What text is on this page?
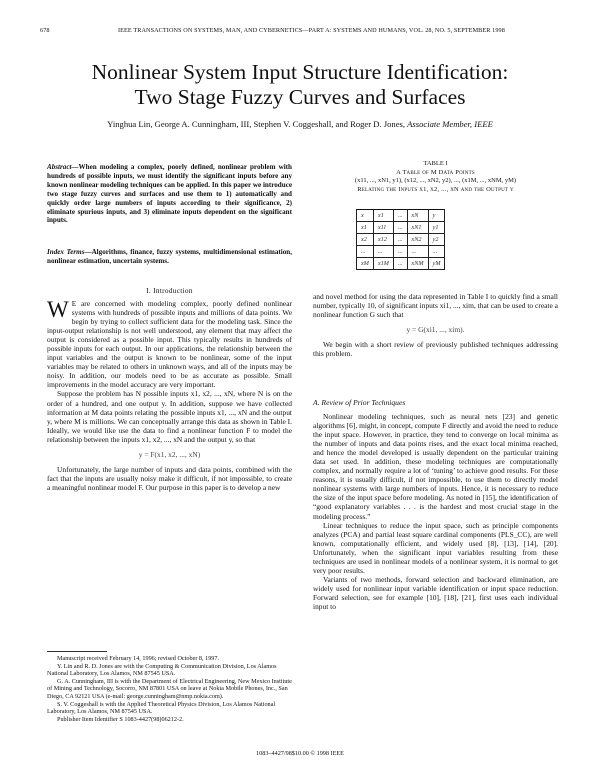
678	IEEE TRANSACTIONS ON SYSTEMS, MAN, AND CYBERNETICS—PART A: SYSTEMS AND HUMANS, VOL. 28, NO. 5, SEPTEMBER 1998
Nonlinear System Input Structure Identification:
Two Stage Fuzzy Curves and Surfaces
Yinghua Lin, George A. Cunningham, III, Stephen V. Coggeshall, and Roger D. Jones, Associate Member, IEEE
Abstract—When modeling a complex, poorly defined, nonlinear problem with hundreds of possible inputs, we must identify the significant inputs before any known nonlinear modeling techniques can be applied. In this paper we introduce two stage fuzzy curves and surfaces and use them to 1) automatically and quickly order large numbers of inputs according to their significance, 2) eliminate spurious inputs, and 3) eliminate inputs dependent on the significant inputs.
Index Terms—Algorithms, finance, fuzzy systems, multidimensional estimation, nonlinear estimation, uncertain systems.
I. Introduction

W E are concerned with modeling complex, poorly defined nonlinear systems with hundreds of possible inputs and millions of data points. We begin by trying to collect sufficient data for the modeling task. Since the input-output relationship is not well understood, any element that may affect the output is considered as a possible input. This typically results in hundreds of possible inputs for each output. In our applications, the relationship between the input variables and the output is known to be nonlinear, some of the input variables may be related to others in unknown ways, and all of the inputs may be noisy. In addition, our models need to be as accurate as possible. Small improvements in the model accuracy are very important.

Suppose the problem has N possible inputs x1, x2, ..., xN, where N is on the order of a hundred, and one output y. In addition, suppose we have collected information at M data points relating the possible inputs x1, ..., xN and the output y, where M is millions. We can conceptually arrange this data as shown in Table I. Ideally, we would like use the data to find a nonlinear function F to model the relationship between the inputs x1, x2, ..., xN and the output y, so that

y = F(x1, x2, ..., xN)

Unfortunately, the large number of inputs and data points, combined with the fact that the inputs are usually noisy make it difficult, if not impossible, to create a meaningful nonlinear model F. Our purpose in this paper is to develop a new

Manuscript received February 14, 1996; revised October 8, 1997.

Y. Lin and R. D. Jones are with the Computing & Communication Division, Los Alamos National Laboratory, Los Alamos, NM 87545 USA.

G. A. Cunningham, III is with the Department of Electrical Engineering, New Mexico Institute of Mining and Technology, Socorro, NM 87801 USA on leave at Nokia Mobile Phones, Inc., San Diego, CA 92121 USA (e-mail: george.cunningham@nmp.nokia.com).

S. V. Coggeshall is with the Applied Theoretical Physics Division, Los Alamos National Laboratory, Los Alamos, NM 87545 USA.

Publisher Item Identifier S 1083-4427(98)06212-2.

TABLE I
A Table of M Data Points
(x11, ..., xN1, y1), (x12, ..., xN2, y2), ..., (x1M, ..., xNM, yM)
Relating the Inputs x1, x2, ..., xN and the Output y
x	x1	...	xN	y
x1	x11	...	xN1	y1
x2	x12	...	xN2	y2
...	...	...	...	...
xM	x1M	...	xNM	yM

and novel method for using the data represented in Table I to quickly find a small number, typically 10, of significant inputs xi1, ..., xim, that can be used to create a nonlinear function G such that

y = G(xi1, ..., xim).

We begin with a short review of previously published techniques addressing this problem.

A. Review of Prior Techniques

Nonlinear modeling techniques, such as neural nets [23] and genetic algorithms [6], might, in concept, compute F directly and avoid the need to reduce the input space. However, in practice, they tend to converge on local minima as the number of inputs and data points rises, and the exact local minima reached, and hence the model developed is usually dependent on the particular training data set used. In addition, these modeling techniques are computationally complex, and normally require a lot of ‘tuning’ to achieve good results. For these reasons, it is usually difficult, if not impossible, to use them to directly model nonlinear systems with large numbers of inputs. Hence, it is necessary to reduce the size of the input space before modeling. As noted in [15], the identification of “good explanatory variables . . . is the hardest and most crucial stage in the modeling process.”

Linear techniques to reduce the input space, such as principle components analyzes (PCA) and partial least square cardinal components (PLS_CC), are well known, computationally efficient, and widely used [8], [13], [14], [20]. Unfortunately, when the significant input variables resulting from these techniques are used in nonlinear models of a nonlinear system, it is normal to get very poor results.

Variants of two methods, forward selection and backward elimination, are widely used for nonlinear input variable identification or input space reduction. Forward selection, see for example [10], [18], [21], first uses each individual input to

1083–4427/98$10.00 © 1998 IEEE
